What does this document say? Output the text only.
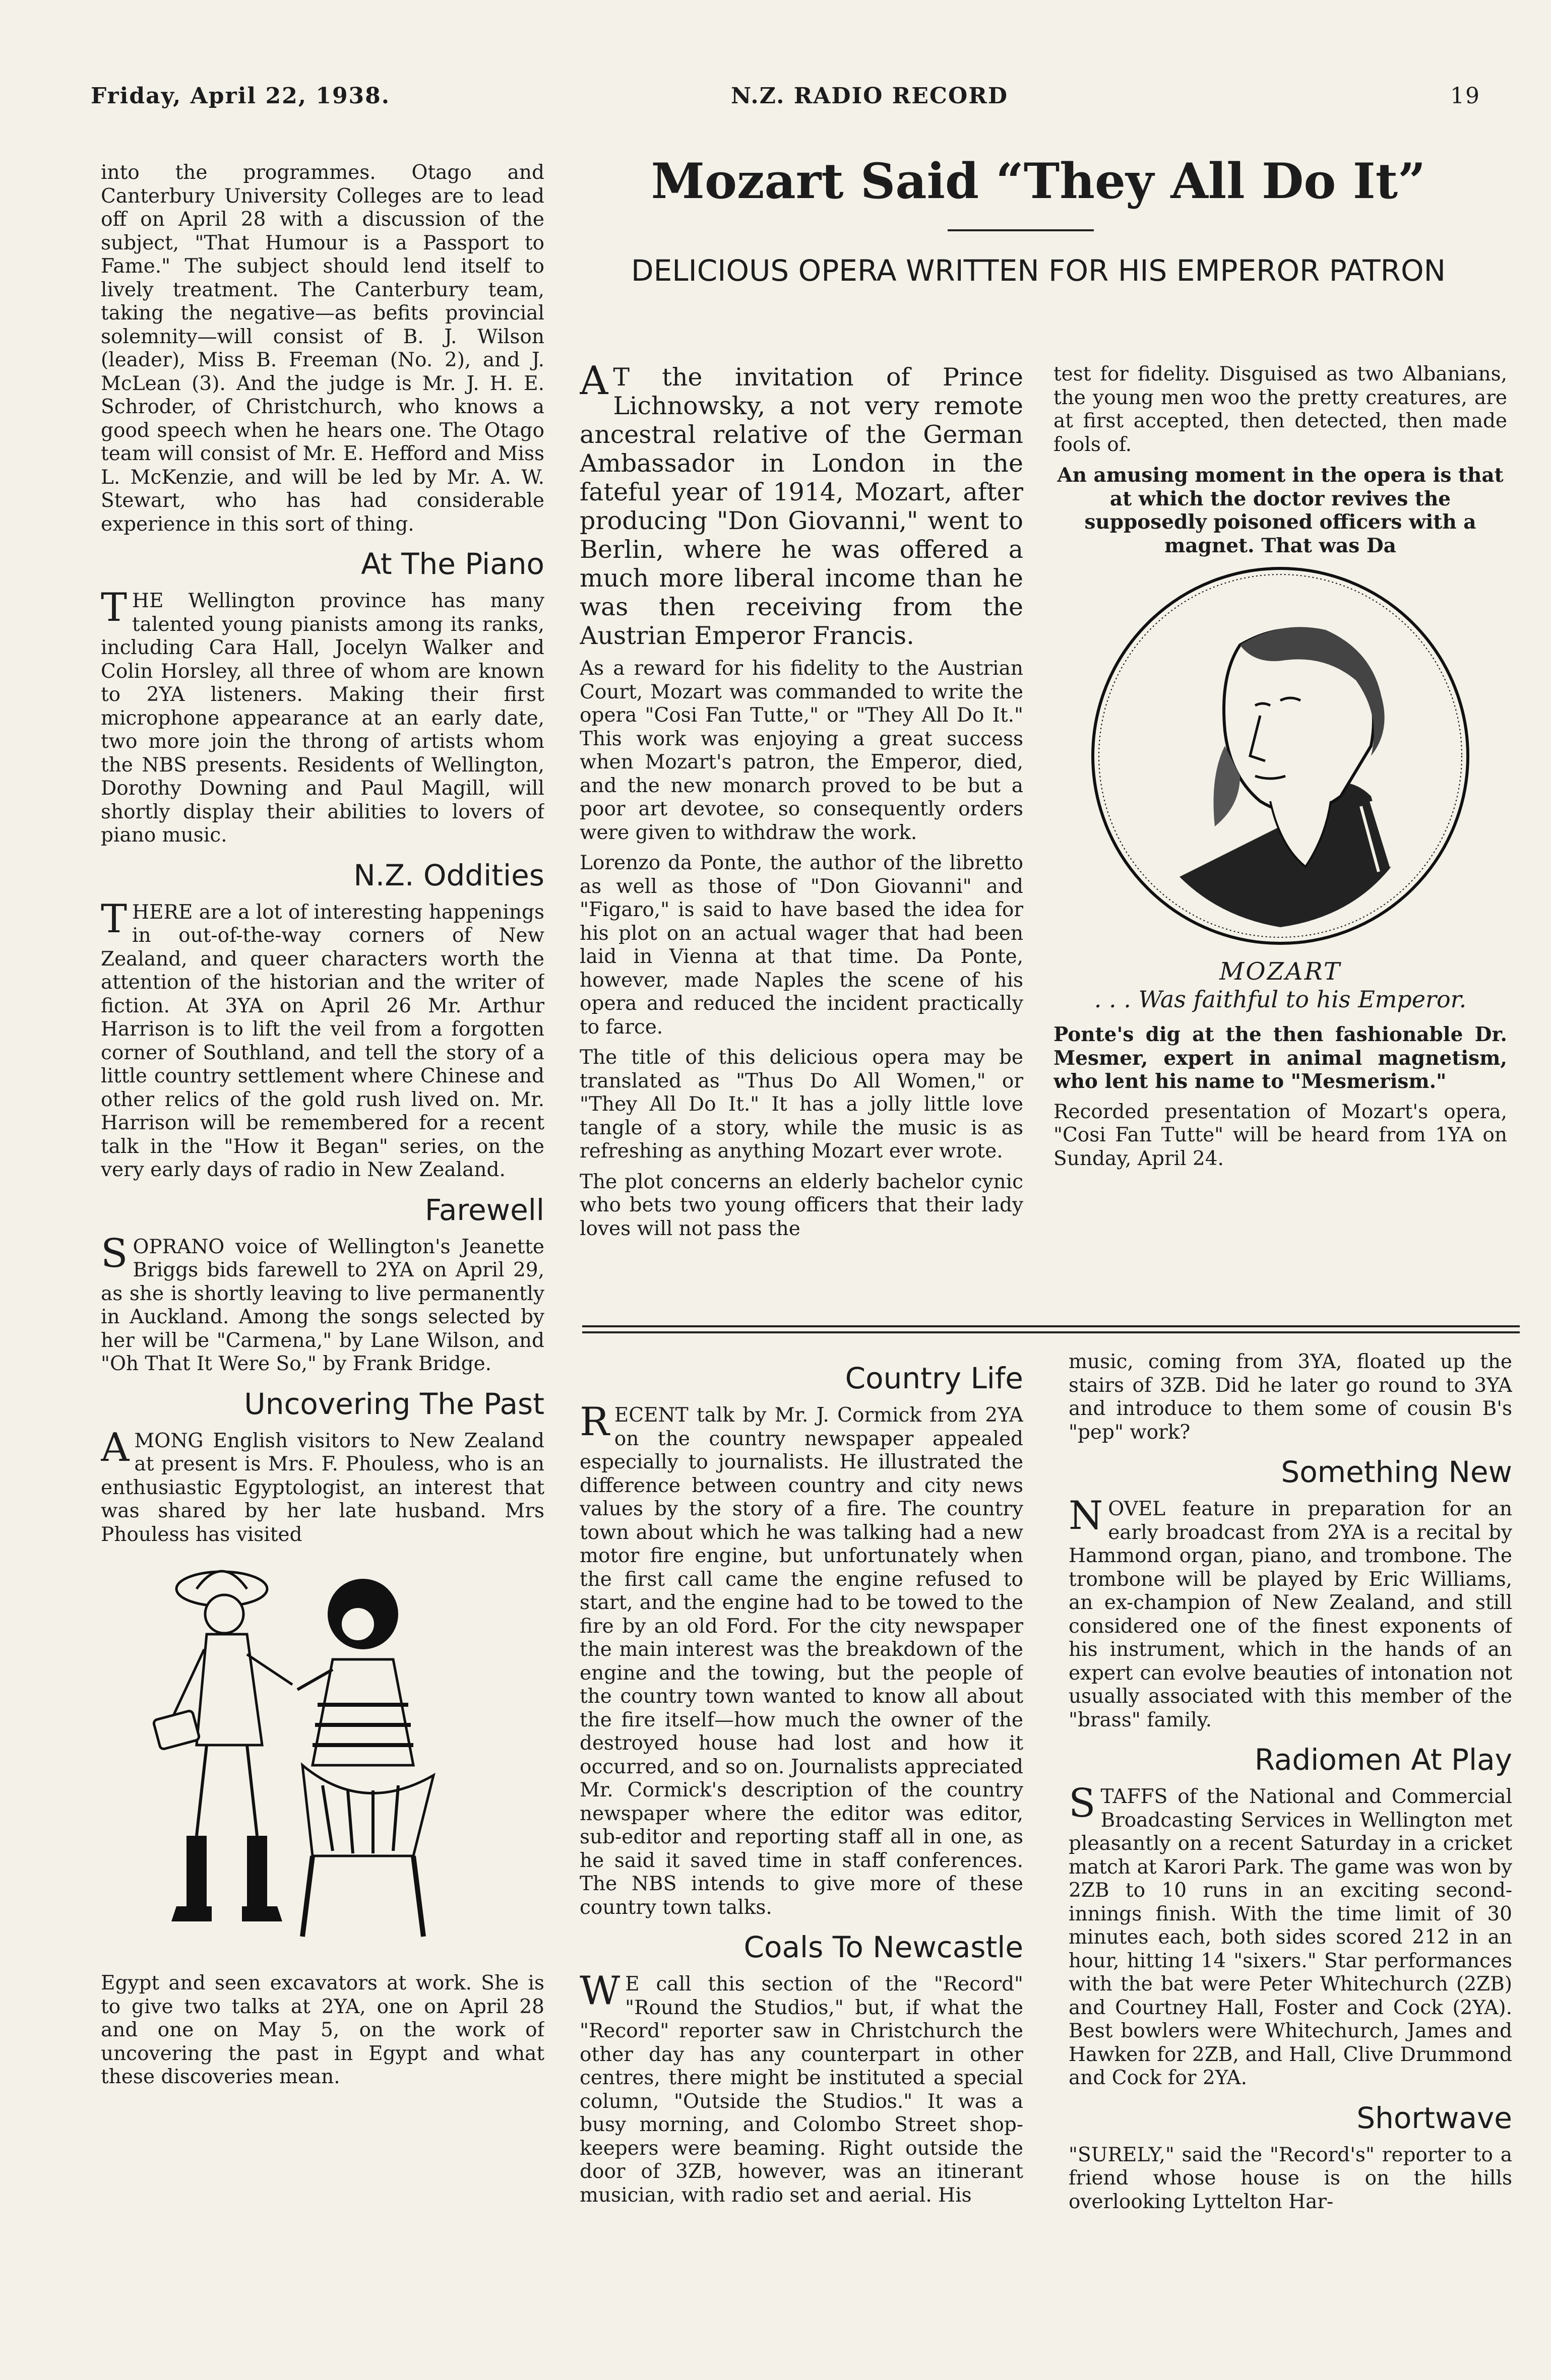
Friday, April 22, 1938.	N.Z. RADIO RECORD	19

into the programmes. Otago and Canterbury University Colleges are to lead off on April 28 with a discussion of the subject, "That Humour is a Passport to Fame." The subject should lend itself to lively treatment. The Canterbury team, taking the negative—as befits provincial solemnity—will consist of B. J. Wilson (leader), Miss B. Freeman (No. 2), and J. McLean (3). And the judge is Mr. J. H. E. Schroder, of Christchurch, who knows a good speech when he hears one. The Otago team will consist of Mr. E. Hefford and Miss L. McKenzie, and will be led by Mr. A. W. Stewart, who has had considerable experience in this sort of thing.

At The Piano

THE Wellington province has many talented young pianists among its ranks, including Cara Hall, Jocelyn Walker and Colin Horsley, all three of whom are known to 2YA listeners. Making their first microphone appearance at an early date, two more join the throng of artists whom the NBS presents. Residents of Wellington, Dorothy Downing and Paul Magill, will shortly display their abilities to lovers of piano music.

N.Z. Oddities

THERE are a lot of interesting happenings in out-of-the-way corners of New Zealand, and queer characters worth the attention of the historian and the writer of fiction. At 3YA on April 26 Mr. Arthur Harrison is to lift the veil from a forgotten corner of Southland, and tell the story of a little country settlement where Chinese and other relics of the gold rush lived on. Mr. Harrison will be remembered for a recent talk in the "How it Began" series, on the very early days of radio in New Zealand.

Farewell

SOPRANO voice of Wellington's Jeanette Briggs bids farewell to 2YA on April 29, as she is shortly leaving to live permanently in Auckland. Among the songs selected by her will be "Carmena," by Lane Wilson, and "Oh That It Were So," by Frank Bridge.

Uncovering The Past

AMONG English visitors to New Zealand at present is Mrs. F. Phouless, who is an enthusiastic Egyptologist, an interest that was shared by her late husband. Mrs Phouless has visited

Egypt and seen excavators at work. She is to give two talks at 2YA, one on April 28 and one on May 5, on the work of uncovering the past in Egypt and what these discoveries mean.

Mozart Said “They All Do It”
DELICIOUS OPERA WRITTEN FOR HIS EMPEROR PATRON

AT the invitation of Prince Lichnowsky, a not very remote ancestral relative of the German Ambassador in London in the fateful year of 1914, Mozart, after producing "Don Giovanni," went to Berlin, where he was offered a much more liberal income than he was then receiving from the Austrian Emperor Francis.

As a reward for his fidelity to the Austrian Court, Mozart was commanded to write the opera "Cosi Fan Tutte," or "They All Do It." This work was enjoying a great success when Mozart's patron, the Emperor, died, and the new monarch proved to be but a poor art devotee, so consequently orders were given to withdraw the work.

Lorenzo da Ponte, the author of the libretto as well as those of "Don Giovanni" and "Figaro," is said to have based the idea for his plot on an actual wager that had been laid in Vienna at that time. Da Ponte, however, made Naples the scene of his opera and reduced the incident practically to farce.

The title of this delicious opera may be translated as "Thus Do All Women," or "They All Do It." It has a jolly little love tangle of a story, while the music is as refreshing as anything Mozart ever wrote.

The plot concerns an elderly bachelor cynic who bets two young officers that their lady loves will not pass the

test for fidelity. Disguised as two Albanians, the young men woo the pretty creatures, are at first accepted, then detected, then made fools of.

An amusing moment in the opera is that at which the doctor revives the supposedly poisoned officers with a magnet. That was Da

MOZART
. . . Was faithful to his Emperor.

Ponte's dig at the then fashionable Dr. Mesmer, expert in animal magnetism, who lent his name to "Mesmerism."

Recorded presentation of Mozart's opera, "Cosi Fan Tutte" will be heard from 1YA on Sunday, April 24.

Country Life

RECENT talk by Mr. J. Cormick from 2YA on the country newspaper appealed especially to journalists. He illustrated the difference between country and city news values by the story of a fire. The country town about which he was talking had a new motor fire engine, but unfortunately when the first call came the engine refused to start, and the engine had to be towed to the fire by an old Ford. For the city newspaper the main interest was the breakdown of the engine and the towing, but the people of the country town wanted to know all about the fire itself—how much the owner of the destroyed house had lost and how it occurred, and so on. Journalists appreciated Mr. Cormick's description of the country newspaper where the editor was editor, sub-editor and reporting staff all in one, as he said it saved time in staff conferences. The NBS intends to give more of these country town talks.

Coals To Newcastle

WE call this section of the "Record" "Round the Studios," but, if what the "Record" reporter saw in Christchurch the other day has any counterpart in other centres, there might be instituted a special column, "Outside the Studios." It was a busy morning, and Colombo Street shop-keepers were beaming. Right outside the door of 3ZB, however, was an itinerant musician, with radio set and aerial. His

music, coming from 3YA, floated up the stairs of 3ZB. Did he later go round to 3YA and introduce to them some of cousin B's "pep" work?

Something New

NOVEL feature in preparation for an early broadcast from 2YA is a recital by Hammond organ, piano, and trombone. The trombone will be played by Eric Williams, an ex-champion of New Zealand, and still considered one of the finest exponents of his instrument, which in the hands of an expert can evolve beauties of intonation not usually associated with this member of the "brass" family.

Radiomen At Play

STAFFS of the National and Commercial Broadcasting Services in Wellington met pleasantly on a recent Saturday in a cricket match at Karori Park. The game was won by 2ZB to 10 runs in an exciting second-innings finish. With the time limit of 30 minutes each, both sides scored 212 in an hour, hitting 14 "sixers." Star performances with the bat were Peter Whitechurch (2ZB) and Courtney Hall, Foster and Cock (2YA). Best bowlers were Whitechurch, James and Hawken for 2ZB, and Hall, Clive Drummond and Cock for 2YA.

Shortwave

"SURELY," said the "Record's" reporter to a friend whose house is on the hills overlooking Lyttelton Har-
